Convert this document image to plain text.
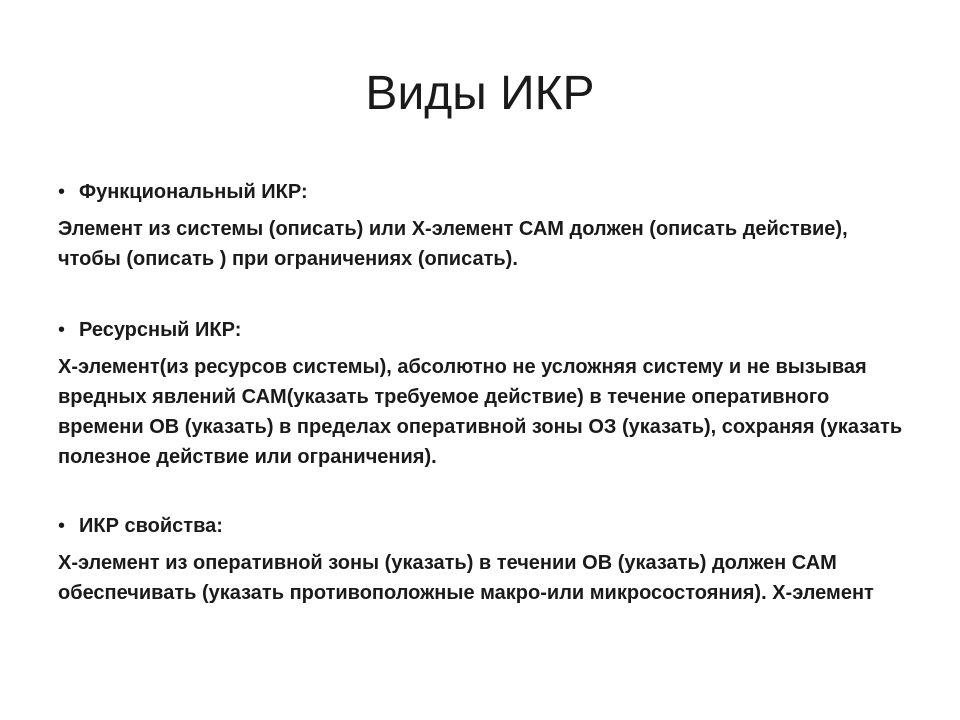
Виды ИКР

• Функциональный ИКР:

Элемент из системы (описать) или Х-элемент САМ должен (описать действие), чтобы (описать ) при ограничениях (описать).

• Ресурсный ИКР:

Х-элемент(из ресурсов системы), абсолютно не усложняя систему и не вызывая вредных явлений САМ(указать требуемое действие) в течение оперативного времени ОВ (указать) в пределах оперативной зоны ОЗ (указать), сохраняя (указать полезное действие или ограничения).

• ИКР свойства:

Х-элемент из оперативной зоны (указать) в течении ОВ (указать) должен САМ обеспечивать (указать противоположные макро-или микросостояния). Х-элемент
